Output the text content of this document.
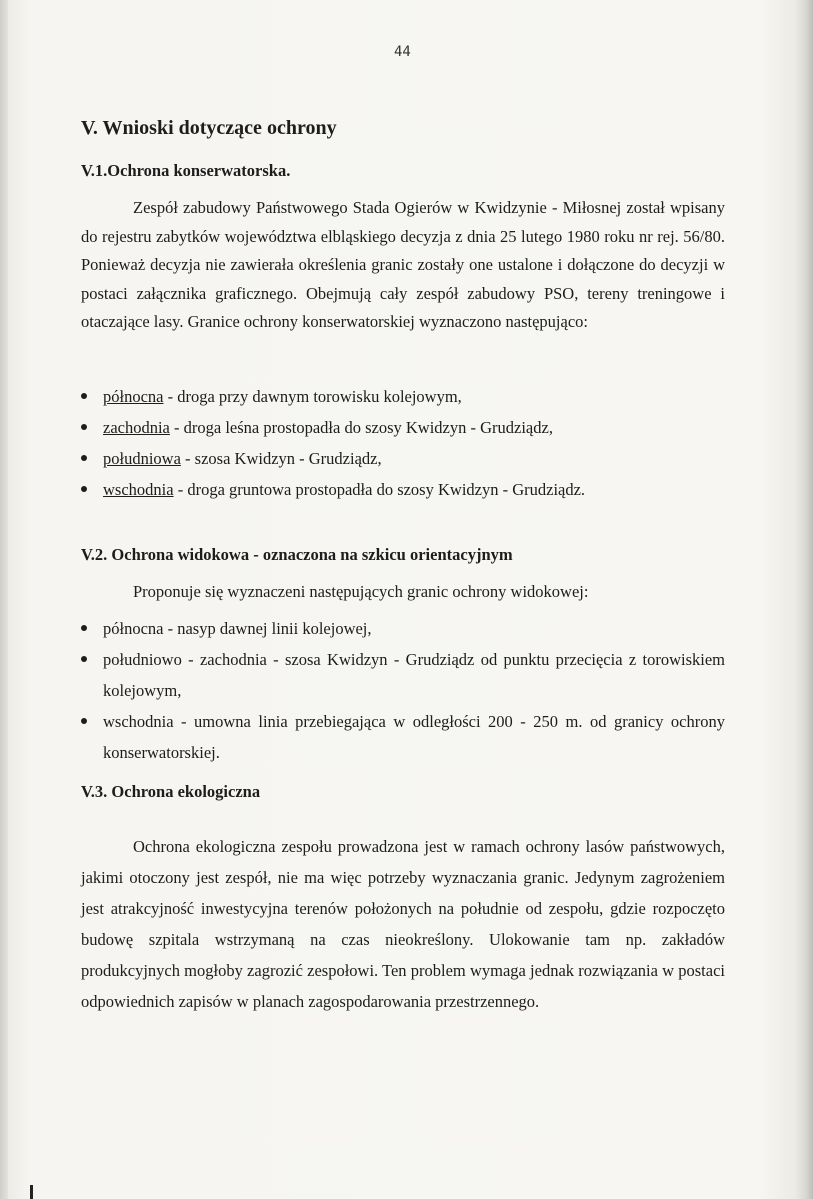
44
V. Wnioski dotyczące ochrony
V.1.Ochrona konserwatorska.
Zespół zabudowy Państwowego Stada Ogierów w Kwidzynie - Miłosnej został wpisany do rejestru zabytków województwa elbląskiego decyzja z dnia 25 lutego 1980 roku nr rej. 56/80. Ponieważ decyzja nie zawierała określenia granic zostały one ustalone i dołączone do decyzji w postaci załącznika graficznego. Obejmują cały zespół zabudowy PSO, tereny treningowe i otaczające lasy. Granice ochrony konserwatorskiej wyznaczono następująco:
północna - droga przy dawnym torowisku kolejowym,
zachodnia - droga leśna prostopadła do szosy Kwidzyn - Grudziądz,
południowa - szosa Kwidzyn - Grudziądz,
wschodnia - droga gruntowa prostopadła do szosy Kwidzyn - Grudziądz.
V.2. Ochrona widokowa - oznaczona na szkicu orientacyjnym
Proponuje się wyznaczeni następujących granic ochrony widokowej:
północna - nasyp dawnej linii kolejowej,
południowo - zachodnia - szosa Kwidzyn - Grudziądz od punktu przecięcia z torowiskiem kolejowym,
wschodnia - umowna linia przebiegająca w odległości 200 - 250 m. od granicy ochrony konserwatorskiej.
V.3. Ochrona ekologiczna
Ochrona ekologiczna zespołu prowadzona jest w ramach ochrony lasów państwowych, jakimi otoczony jest zespół, nie ma więc potrzeby wyznaczania granic. Jedynym zagrożeniem jest atrakcyjność inwestycyjna terenów położonych na południe od zespołu, gdzie rozpoczęto budowę szpitala wstrzymaną na czas nieokreślony. Ulokowanie tam np. zakładów produkcyjnych mogłoby zagrozić zespołowi. Ten problem wymaga jednak rozwiązania w postaci odpowiednich zapisów w planach zagospodarowania przestrzennego.
